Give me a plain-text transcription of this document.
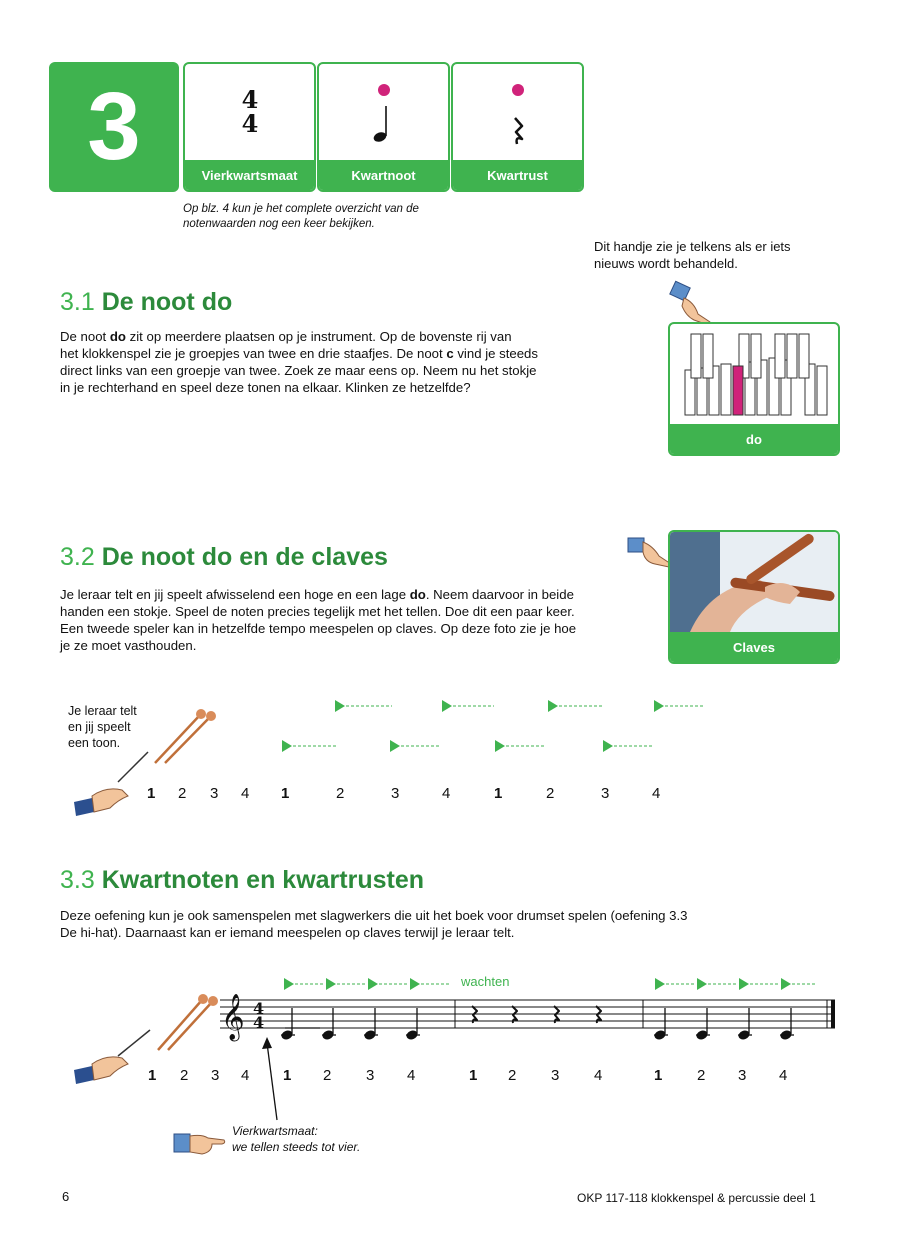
3	4
4
Vierkwartsmaat	Kwartnoot	Kwartrust
Op blz. 4 kun je het complete overzicht van de
notenwaarden nog een keer bekijken.
Dit handje zie je telkens als er iets
nieuws wordt behandeld.
3.1 De noot do
De noot do zit op meerdere plaatsen op je instrument. Op de bovenste rij van
het klokkenspel zie je groepjes van twee en drie staafjes. De noot c vind je steeds
direct links van een groepje van twee. Zoek ze maar eens op. Neem nu het stokje
in je rechterhand en speel deze tonen na elkaar. Klinken ze hetzelfde?
do
3.2 De noot do en de claves
Je leraar telt en jij speelt afwisselend een hoge en een lage do. Neem daarvoor in beide
handen een stokje. Speel de noten precies tegelijk met het tellen. Doe dit een paar keer.
Een tweede speler kan in hetzelfde tempo meespelen op claves. Op deze foto zie je hoe
je ze moet vasthouden.	Claves
Je leraar telt
en jij speelt
een toon.
1 2 3 4 1	2	3	4	1	2	3	4
3.3 Kwartnoten en kwartrusten
Deze oefening kun je ook samenspelen met slagwerkers die uit het boek voor drumset spelen (oefening 3.3
De hi-hat). Daarnaast kan er iemand meespelen op claves terwijl je leraar telt.
wachten
𝄞 4
4
1 2 3 4 1 2 3 4	1 2 3 4	1 2 3 4
Vierkwartsmaat:
we tellen steeds tot vier.
6	OKP 117-118 klokkenspel & percussie deel 1
